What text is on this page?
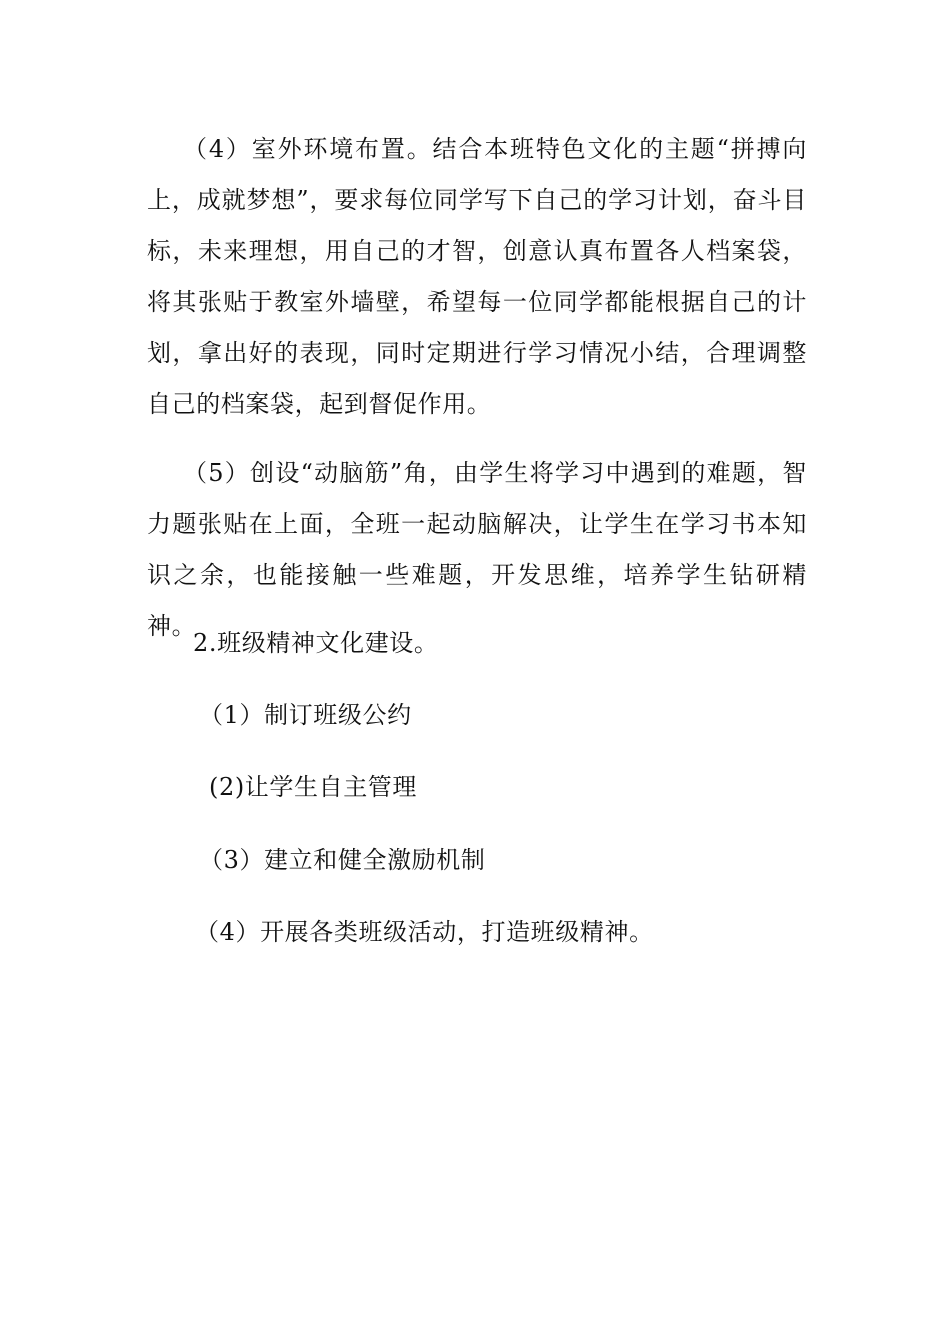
（4）室外环境布置。结合本班特色文化的主题“拼搏向上，成就梦想”，要求每位同学写下自己的学习计划，奋斗目标，未来理想，用自己的才智，创意认真布置各人档案袋，将其张贴于教室外墙壁，希望每一位同学都能根据自己的计划，拿出好的表现，同时定期进行学习情况小结，合理调整自己的档案袋，起到督促作用。

（5）创设“动脑筋”角，由学生将学习中遇到的难题，智力题张贴在上面，全班一起动脑解决，让学生在学习书本知识之余，也能接触一些难题，开发思维，培养学生钻研精神。

2.班级精神文化建设。

（1）制订班级公约

(2)让学生自主管理

（3）建立和健全激励机制

（4）开展各类班级活动，打造班级精神。
